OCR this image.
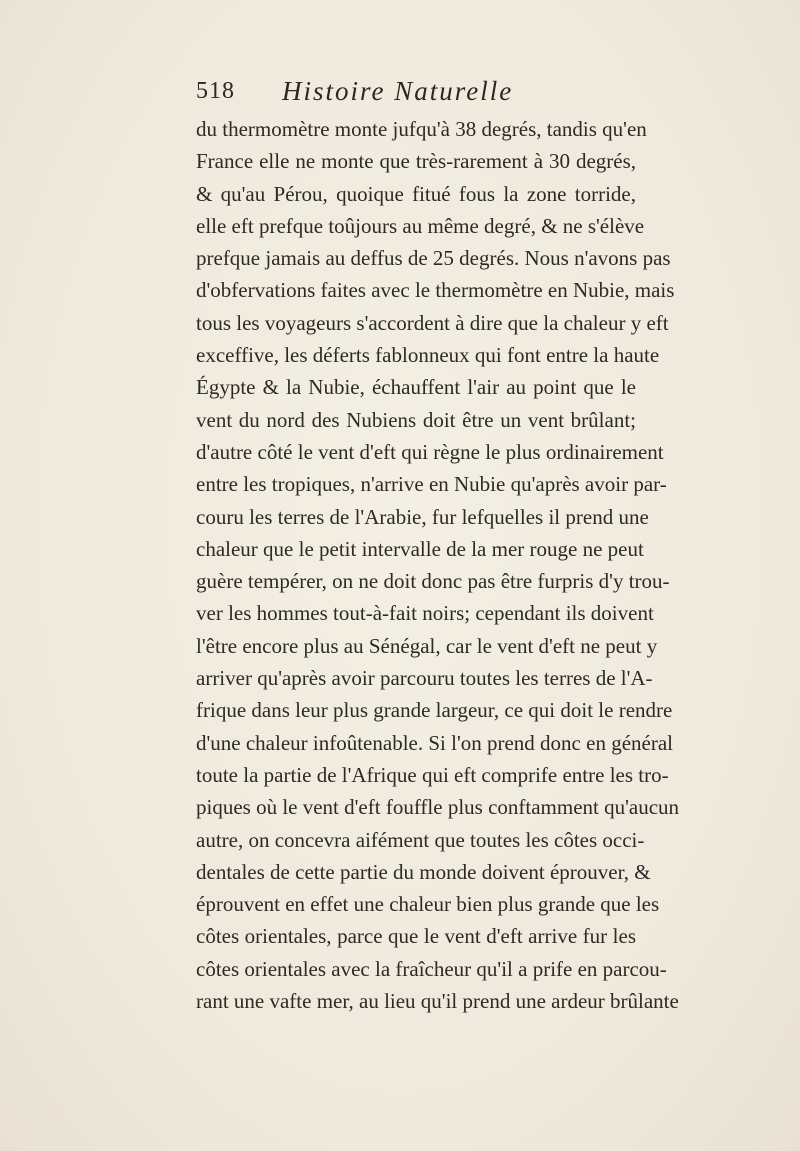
518 Histoire Naturelle
du thermomètre monte jufqu'à 38 degrés, tandis qu'en
France elle ne monte que très-rarement à 30 degrés,
& qu'au Pérou, quoique fitué fous la zone torride,
elle eft prefque toûjours au même degré, & ne s'élève
prefque jamais au deffus de 25 degrés. Nous n'avons pas
d'obfervations faites avec le thermomètre en Nubie, mais
tous les voyageurs s'accordent à dire que la chaleur y eft
exceffive, les déferts fablonneux qui font entre la haute
Égypte & la Nubie, échauffent l'air au point que le
vent du nord des Nubiens doit être un vent brûlant;
d'autre côté le vent d'eft qui règne le plus ordinairement
entre les tropiques, n'arrive en Nubie qu'après avoir par-
couru les terres de l'Arabie, fur lefquelles il prend une
chaleur que le petit intervalle de la mer rouge ne peut
guère tempérer, on ne doit donc pas être furpris d'y trou-
ver les hommes tout-à-fait noirs; cependant ils doivent
l'être encore plus au Sénégal, car le vent d'eft ne peut y
arriver qu'après avoir parcouru toutes les terres de l'A-
frique dans leur plus grande largeur, ce qui doit le rendre
d'une chaleur infoûtenable. Si l'on prend donc en général
toute la partie de l'Afrique qui eft comprife entre les tro-
piques où le vent d'eft fouffle plus conftamment qu'aucun
autre, on concevra aifément que toutes les côtes occi-
dentales de cette partie du monde doivent éprouver, &
éprouvent en effet une chaleur bien plus grande que les
côtes orientales, parce que le vent d'eft arrive fur les
côtes orientales avec la fraîcheur qu'il a prife en parcou-
rant une vafte mer, au lieu qu'il prend une ardeur brûlante
